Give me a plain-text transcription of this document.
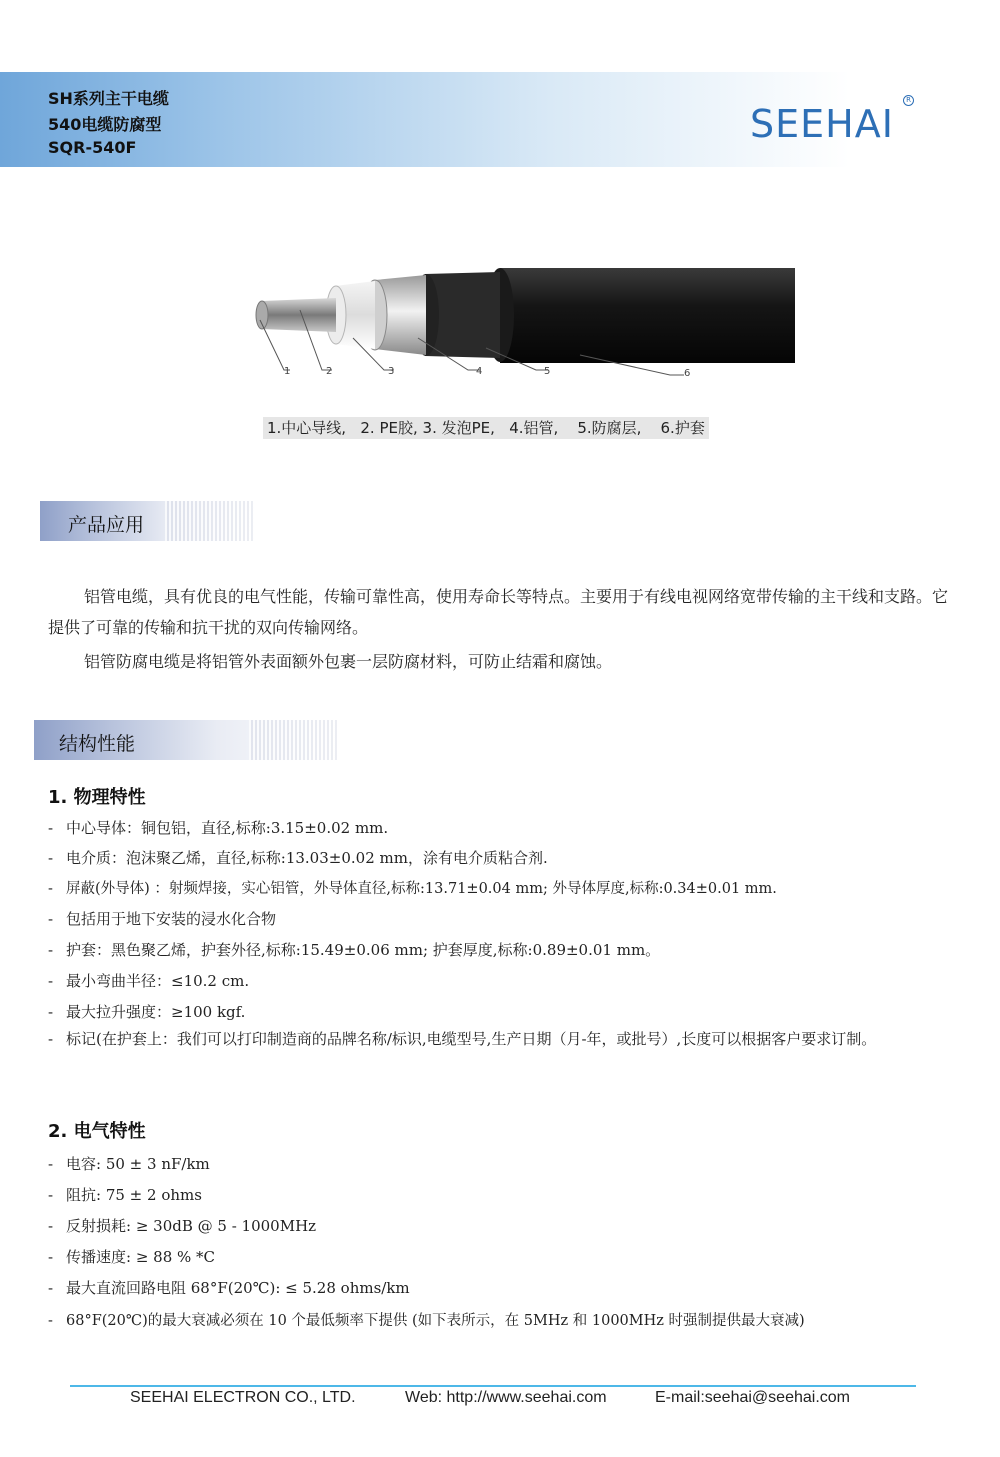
SH系列主干电缆
540电缆防腐型
SQR-540F
SEEHAI
R
1	2	3	4	5	6
1.中心导线,   2. PE胶, 3. 发泡PE,   4.铝管,    5.防腐层,    6.护套
产品应用

铝管电缆，具有优良的电气性能，传输可靠性高，使用寿命长等特点。主要用于有线电视网络宽带传输的主干线和支路。它提供了可靠的传输和抗干扰的双向传输网络。

铝管防腐电缆是将铝管外表面额外包裹一层防腐材料，可防止结霜和腐蚀。

结构性能
1. 物理特性
- 中心导体：铜包铝，直径,标称:3.15±0.02 mm.
- 电介质：泡沫聚乙烯，直径,标称:13.03±0.02 mm，涂有电介质粘合剂.
- 屏蔽(外导体) ：射频焊接，实心铝管，外导体直径,标称:13.71±0.04 mm; 外导体厚度,标称:0.34±0.01 mm.
- 包括用于地下安装的浸水化合物
- 护套：黑色聚乙烯，护套外径,标称:15.49±0.06 mm; 护套厚度,标称:0.89±0.01 mm。
- 最小弯曲半径：≤10.2 cm.
- 最大拉升强度：≥100 kgf.
- 标记(在护套上：我们可以打印制造商的品牌名称/标识,电缆型号,生产日期（月-年，或批号）,长度可以根据客户要求订制。
2. 电气特性
- 电容: 50 ± 3 nF/km
- 阻抗: 75 ± 2 ohms
- 反射损耗: ≥ 30dB @ 5 - 1000MHz
- 传播速度: ≥ 88 % *C
- 最大直流回路电阻 68°F(20℃): ≤ 5.28 ohms/km
- 68°F(20℃)的最大衰减必须在 10 个最低频率下提供 (如下表所示，在 5MHz 和 1000MHz 时强制提供最大衰减)
SEEHAI ELECTRON CO., LTD.	Web: http://www.seehai.com	E-mail:seehai@seehai.com
